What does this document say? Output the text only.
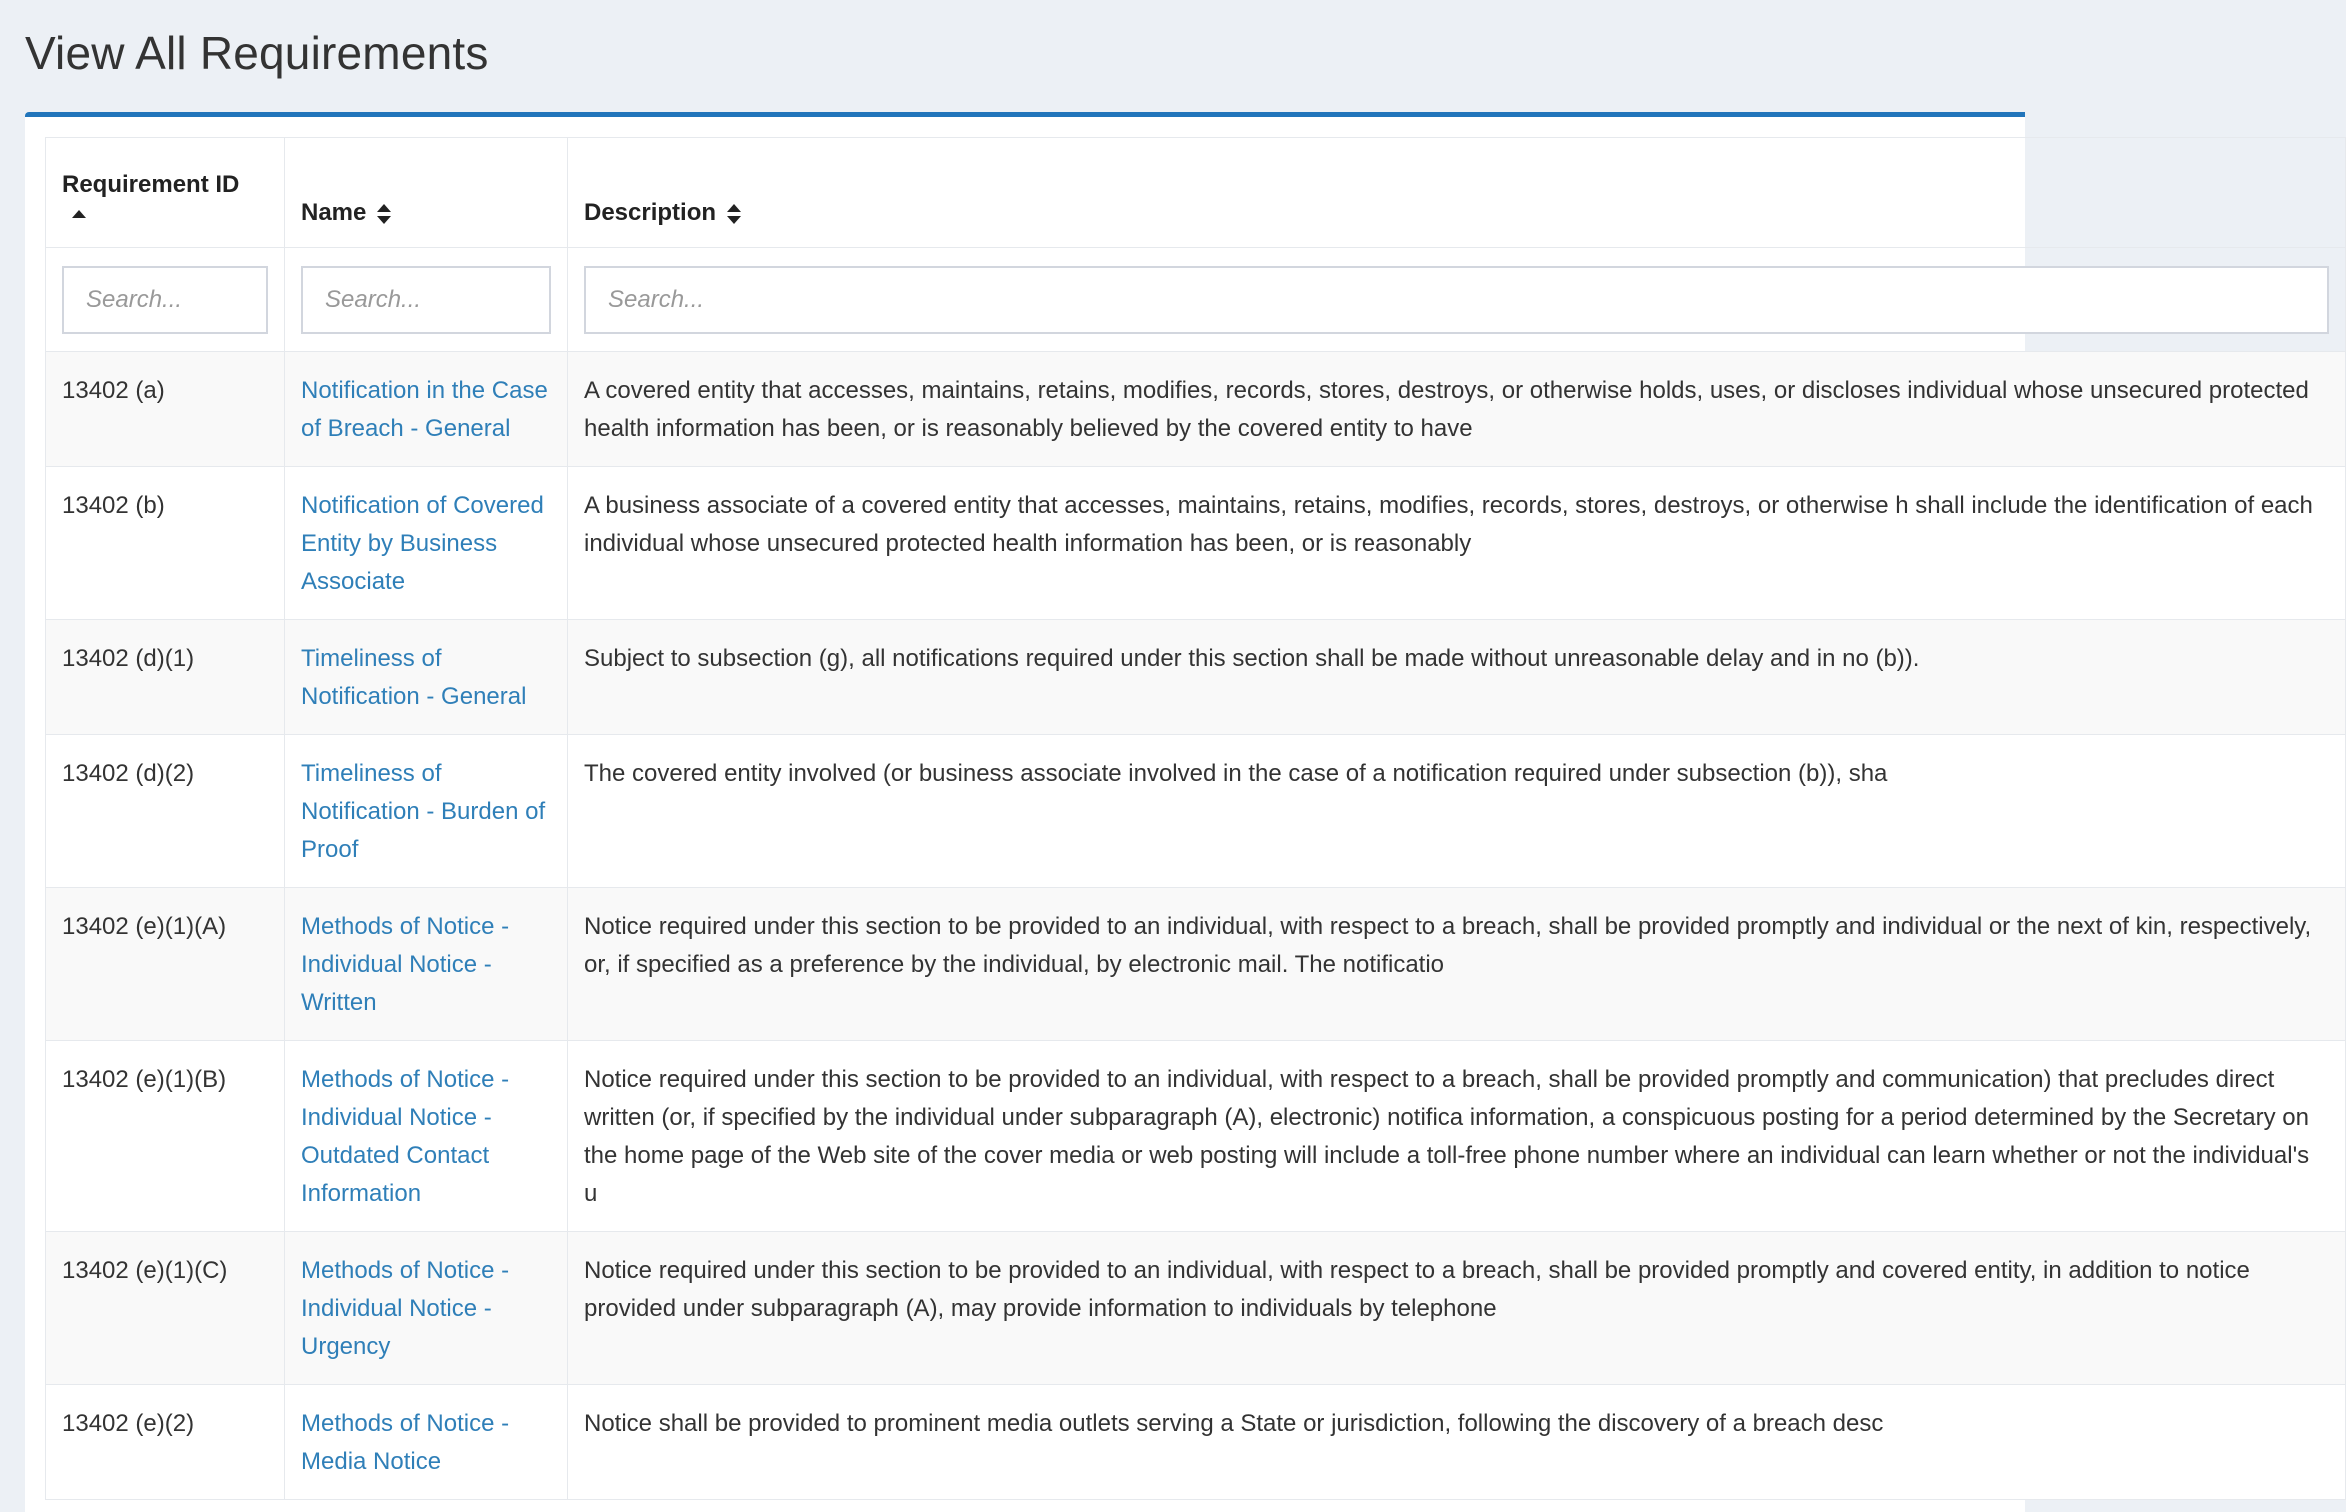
View All Requirements
Requirement ID	Name	Description

Search...	
Search...	
Search...
13402 (a)	Notification in the Case of Breach - General	A covered entity that accesses, maintains, retains, modifies, records, stores, destroys, or otherwise holds, uses, or discloses individual whose unsecured protected health information has been, or is reasonably believed by the covered entity to have
13402 (b)	Notification of Covered Entity by Business Associate	A business associate of a covered entity that accesses, maintains, retains, modifies, records, stores, destroys, or otherwise h shall include the identification of each individual whose unsecured protected health information has been, or is reasonably
13402 (d)(1)	Timeliness of Notification - General	Subject to subsection (g), all notifications required under this section shall be made without unreasonable delay and in no (b)).
13402 (d)(2)	Timeliness of Notification - Burden of Proof	The covered entity involved (or business associate involved in the case of a notification required under subsection (b)), sha
13402 (e)(1)(A)	Methods of Notice - Individual Notice - Written	Notice required under this section to be provided to an individual, with respect to a breach, shall be provided promptly and individual or the next of kin, respectively, or, if specified as a preference by the individual, by electronic mail. The notificatio
13402 (e)(1)(B)	Methods of Notice - Individual Notice - Outdated Contact Information	Notice required under this section to be provided to an individual, with respect to a breach, shall be provided promptly and communication) that precludes direct written (or, if specified by the individual under subparagraph (A), electronic) notifica information, a conspicuous posting for a period determined by the Secretary on the home page of the Web site of the cover media or web posting will include a toll-free phone number where an individual can learn whether or not the individual's u
13402 (e)(1)(C)	Methods of Notice - Individual Notice - Urgency	Notice required under this section to be provided to an individual, with respect to a breach, shall be provided promptly and covered entity, in addition to notice provided under subparagraph (A), may provide information to individuals by telephone
13402 (e)(2)	Methods of Notice - Media Notice	Notice shall be provided to prominent media outlets serving a State or jurisdiction, following the discovery of a breach desc
